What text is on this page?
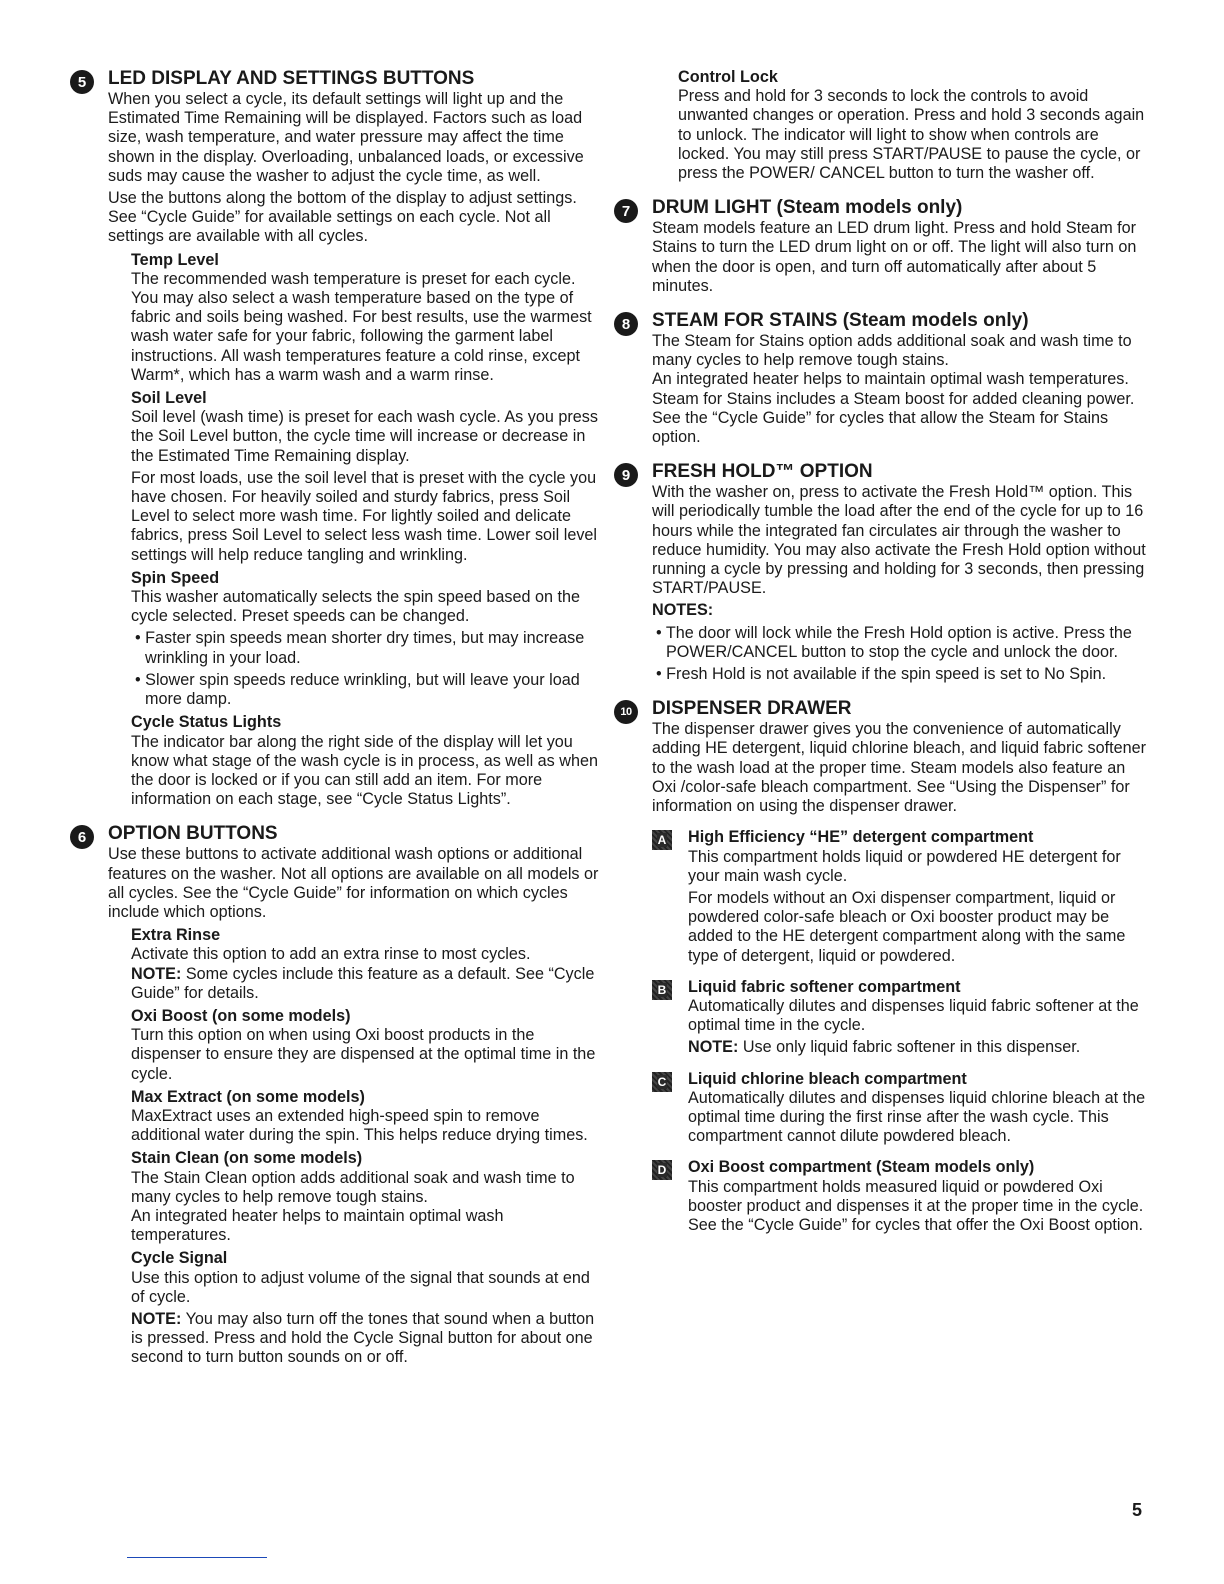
5	LED DISPLAY AND SETTINGS BUTTONS

When you select a cycle, its default settings will light up and the Estimated Time Remaining will be displayed. Factors such as load size, wash temperature, and water pressure may affect the time shown in the display. Overloading, unbalanced loads, or excessive suds may cause the washer to adjust the cycle time, as well.

Use the buttons along the bottom of the display to adjust settings. See “Cycle Guide” for available settings on each cycle. Not all settings are available with all cycles.

Temp Level

The recommended wash temperature is preset for each cycle. You may also select a wash temperature based on the type of fabric and soils being washed. For best results, use the warmest wash water safe for your fabric, following the garment label instructions. All wash temperatures feature a cold rinse, except Warm*, which has a warm wash and a warm rinse.

Soil Level

Soil level (wash time) is preset for each wash cycle. As you press the Soil Level button, the cycle time will increase or decrease in the Estimated Time Remaining display.

For most loads, use the soil level that is preset with the cycle you have chosen. For heavily soiled and sturdy fabrics, press Soil Level to select more wash time. For lightly soiled and delicate fabrics, press Soil Level to select less wash time. Lower soil level settings will help reduce tangling and wrinkling.

Spin Speed

This washer automatically selects the spin speed based on the cycle selected. Preset speeds can be changed.

• Faster spin speeds mean shorter dry times, but may increase wrinkling in your load.

• Slower spin speeds reduce wrinkling, but will leave your load more damp.

Cycle Status Lights

The indicator bar along the right side of the display will let you know what stage of the wash cycle is in process, as well as when the door is locked or if you can still add an item. For more information on each stage, see “Cycle Status Lights”.

6	OPTION BUTTONS

Use these buttons to activate additional wash options or additional features on the washer. Not all options are available on all models or all cycles. See the “Cycle Guide” for information on which cycles include which options.

Extra Rinse

Activate this option to add an extra rinse to most cycles.
NOTE: Some cycles include this feature as a default. See “Cycle Guide” for details.

Oxi Boost (on some models)

Turn this option on when using Oxi boost products in the dispenser to ensure they are dispensed at the optimal time in the cycle.

Max Extract (on some models)

MaxExtract uses an extended high-speed spin to remove additional water during the spin. This helps reduce drying times.

Stain Clean (on some models)

The Stain Clean option adds additional soak and wash time to many cycles to help remove tough stains.
An integrated heater helps to maintain optimal wash temperatures.

Cycle Signal

Use this option to adjust volume of the signal that sounds at end of cycle.

NOTE: You may also turn off the tones that sound when a button is pressed. Press and hold the Cycle Signal button for about one second to turn button sounds on or off.

Control Lock

Press and hold for 3 seconds to lock the controls to avoid unwanted changes or operation. Press and hold 3 seconds again to unlock. The indicator will light to show when controls are locked. You may still press START/PAUSE to pause the cycle, or press the POWER/ CANCEL button to turn the washer off.

7	DRUM LIGHT (Steam models only)

Steam models feature an LED drum light. Press and hold Steam for Stains to turn the LED drum light on or off. The light will also turn on when the door is open, and turn off automatically after about 5 minutes.

8	STEAM FOR STAINS (Steam models only)

The Steam for Stains option adds additional soak and wash time to many cycles to help remove tough stains.
An integrated heater helps to maintain optimal wash temperatures. Steam for Stains includes a Steam boost for added cleaning power. See the “Cycle Guide” for cycles that allow the Steam for Stains option.

9	FRESH HOLD™ OPTION

With the washer on, press to activate the Fresh Hold™ option. This will periodically tumble the load after the end of the cycle for up to 16 hours while the integrated fan circulates air through the washer to reduce humidity. You may also activate the Fresh Hold option without running a cycle by pressing and holding for 3 seconds, then pressing START/PAUSE.

NOTES:

• The door will lock while the Fresh Hold option is active. Press the POWER/CANCEL button to stop the cycle and unlock the door.

• Fresh Hold is not available if the spin speed is set to No Spin.

10	DISPENSER DRAWER

The dispenser drawer gives you the convenience of automatically adding HE detergent, liquid chlorine bleach, and liquid fabric softener to the wash load at the proper time. Steam models also feature an Oxi /color-safe bleach compartment. See “Using the Dispenser” for information on using the dispenser drawer.

A High Efficiency “HE” detergent compartment

This compartment holds liquid or powdered HE detergent for your main wash cycle.

For models without an Oxi dispenser compartment, liquid or powdered color-safe bleach or Oxi booster product may be added to the HE detergent compartment along with the same type of detergent, liquid or powdered.

B Liquid fabric softener compartment

Automatically dilutes and dispenses liquid fabric softener at the optimal time in the cycle.

NOTE: Use only liquid fabric softener in this dispenser.

C Liquid chlorine bleach compartment

Automatically dilutes and dispenses liquid chlorine bleach at the optimal time during the first rinse after the wash cycle. This compartment cannot dilute powdered bleach.

D Oxi Boost compartment (Steam models only)

This compartment holds measured liquid or powdered Oxi booster product and dispenses it at the proper time in the cycle. See the “Cycle Guide” for cycles that offer the Oxi Boost option.

5
